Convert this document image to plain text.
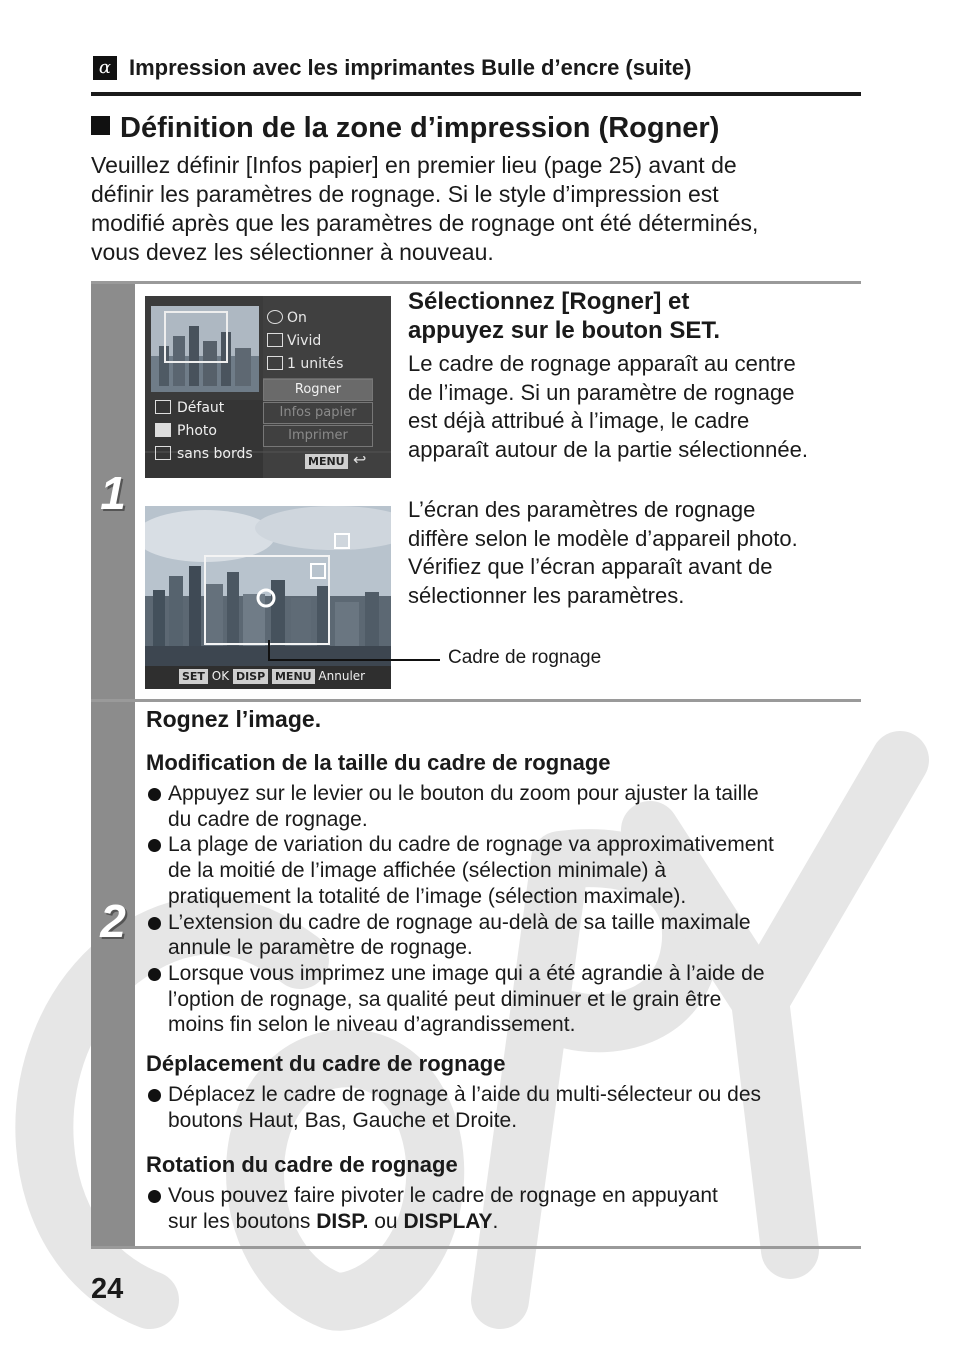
α Impression avec les imprimantes Bulle d’encre (suite)
Définition de la zone d’impression (Rogner)

Veuillez définir [Infos papier] en premier lieu (page 25) avant de

définir les paramètres de rognage. Si le style d’impression est

modifié après que les paramètres de rognage ont été déterminés,

vous devez les sélectionner à nouveau.

1
2
On
Vivid
1 unités
Rogner
Infos papier
Imprimer
Défaut
Photo
sans bords	MENU ↩
SET OK DISP MENU Annuler
Cadre de rognage
Sélectionnez [Rogner] et
appuyez sur le bouton SET.

Le cadre de rognage apparaît au centre

de l’image. Si un paramètre de rognage

est déjà attribué à l’image, le cadre

apparaît autour de la partie sélectionnée.

L’écran des paramètres de rognage

diffère selon le modèle d’appareil photo.

Vérifiez que l’écran apparaît avant de

sélectionner les paramètres.

Rognez l’image.
Modification de la taille du cadre de rognage
Appuyez sur le levier ou le bouton du zoom pour ajuster la taille
du cadre de rognage.
La plage de variation du cadre de rognage va approximativement
de la moitié de l’image affichée (sélection minimale) à
pratiquement la totalité de l’image (sélection maximale).
L’extension du cadre de rognage au-delà de sa taille maximale
annule le paramètre de rognage.
Lorsque vous imprimez une image qui a été agrandie à l’aide de
l’option de rognage, sa qualité peut diminuer et le grain être
moins fin selon le niveau d’agrandissement.
Déplacement du cadre de rognage
Déplacez le cadre de rognage à l’aide du multi-sélecteur ou des
boutons Haut, Bas, Gauche et Droite.
Rotation du cadre de rognage
Vous pouvez faire pivoter le cadre de rognage en appuyant
sur les boutons DISP. ou DISPLAY.
24
